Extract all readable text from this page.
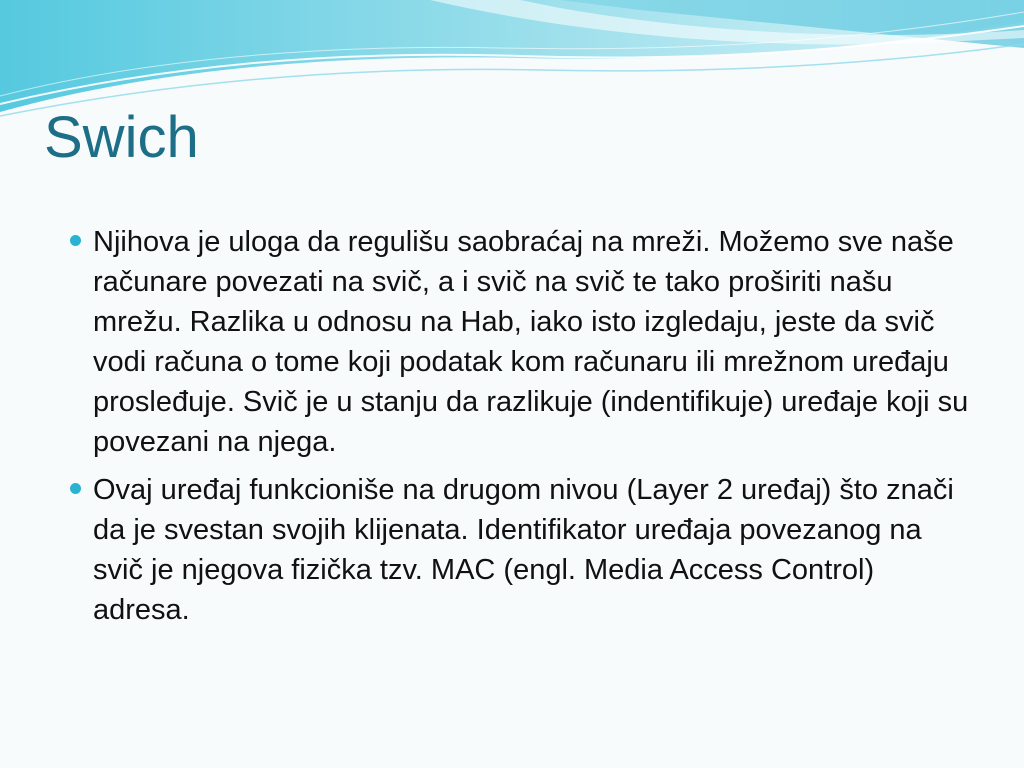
Swich
Njihova je uloga da regulišu saobraćaj na mreži. Možemo sve naše računare povezati na svič, a i svič na svič te tako proširiti našu mrežu. Razlika u odnosu na Hab, iako isto izgledaju, jeste da svič vodi računa o tome koji podatak kom računaru ili mrežnom uređaju prosleđuje. Svič je u stanju da razlikuje (indentifikuje) uređaje koji su povezani na njega.
Ovaj uređaj funkcioniše na drugom nivou (Layer 2 uređaj) što znači da je svestan svojih klijenata. Identifikator uređaja povezanog na svič je njegova fizička tzv. MAC (engl. Media Access Control) adresa.
